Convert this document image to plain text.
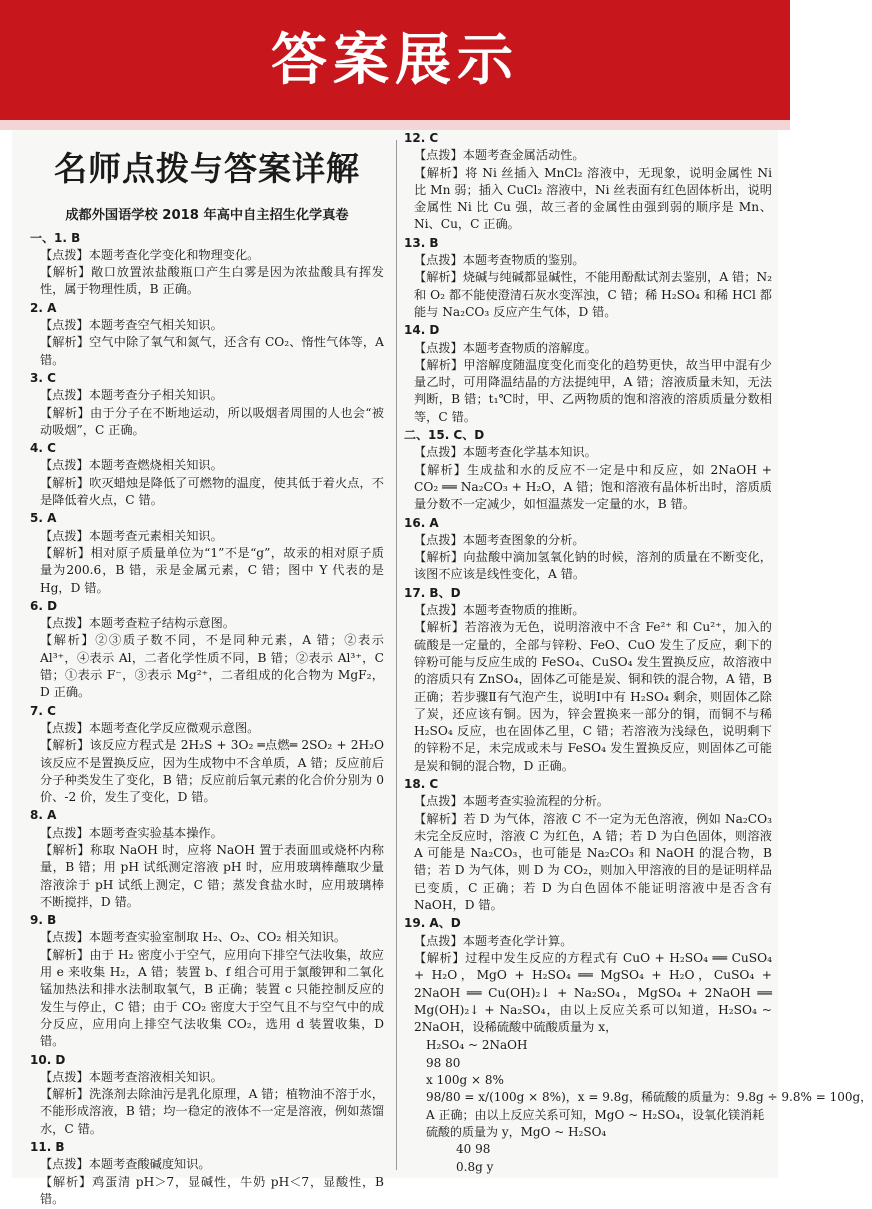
答案展示
名师点拨与答案详解
成都外国语学校 2018 年高中自主招生化学真卷
一、1. B
【点拨】本题考查化学变化和物理变化。
【解析】敞口放置浓盐酸瓶口产生白雾是因为浓盐酸具有挥发性，属于物理性质，B 正确。
2. A
【点拨】本题考查空气相关知识。
【解析】空气中除了氧气和氮气，还含有 CO₂、惰性气体等，A 错。
3. C
【点拨】本题考查分子相关知识。
【解析】由于分子在不断地运动，所以吸烟者周围的人也会“被动吸烟”，C 正确。
4. C
【点拨】本题考查燃烧相关知识。
【解析】吹灭蜡烛是降低了可燃物的温度，使其低于着火点，不是降低着火点，C 错。
5. A
【点拨】本题考查元素相关知识。
【解析】相对原子质量单位为“1”不是“g”，故汞的相对原子质量为200.6，B 错，汞是金属元素，C 错；图中 Y 代表的是 Hg，D 错。
6. D
【点拨】本题考查粒子结构示意图。
【解析】②③质子数不同，不是同种元素，A 错；②表示 Al³⁺，④表示 Al，二者化学性质不同，B 错；②表示 Al³⁺，C 错；①表示 F⁻，③表示 Mg²⁺，二者组成的化合物为 MgF₂，D 正确。
7. C
【点拨】本题考查化学反应微观示意图。
【解析】该反应方程式是 2H₂S + 3O₂ ═点燃═ 2SO₂ + 2H₂O 该反应不是置换反应，因为生成物中不含单质，A 错；反应前后分子种类发生了变化，B 错；反应前后氧元素的化合价分别为 0 价、-2 价，发生了变化，D 错。
8. A
【点拨】本题考查实验基本操作。
【解析】称取 NaOH 时，应将 NaOH 置于表面皿或烧杯内称量，B 错；用 pH 试纸测定溶液 pH 时，应用玻璃棒蘸取少量溶液涂于 pH 试纸上测定，C 错；蒸发食盐水时，应用玻璃棒不断搅拌，D 错。
9. B
【点拨】本题考查实验室制取 H₂、O₂、CO₂ 相关知识。
【解析】由于 H₂ 密度小于空气，应用向下排空气法收集，故应用 e 来收集 H₂，A 错；装置 b、f 组合可用于氯酸钾和二氧化锰加热法和排水法制取氧气，B 正确；装置 c 只能控制反应的发生与停止，C 错；由于 CO₂ 密度大于空气且不与空气中的成分反应，应用向上排空气法收集 CO₂，选用 d 装置收集，D 错。
10. D
【点拨】本题考查溶液相关知识。
【解析】洗涤剂去除油污是乳化原理，A 错；植物油不溶于水，不能形成溶液，B 错；均一稳定的液体不一定是溶液，例如蒸馏水，C 错。
11. B
【点拨】本题考查酸碱度知识。
【解析】鸡蛋清 pH＞7，显碱性，牛奶 pH＜7，显酸性，B 错。
12. C
【点拨】本题考查金属活动性。
【解析】将 Ni 丝插入 MnCl₂ 溶液中，无现象，说明金属性 Ni 比 Mn 弱；插入 CuCl₂ 溶液中，Ni 丝表面有红色固体析出，说明金属性 Ni 比 Cu 强，故三者的金属性由强到弱的顺序是 Mn、Ni、Cu，C 正确。
13. B
【点拨】本题考查物质的鉴别。
【解析】烧碱与纯碱都显碱性，不能用酚酞试剂去鉴别，A 错；N₂ 和 O₂ 都不能使澄清石灰水变浑浊，C 错；稀 H₂SO₄ 和稀 HCl 都能与 Na₂CO₃ 反应产生气体，D 错。
14. D
【点拨】本题考查物质的溶解度。
【解析】甲溶解度随温度变化而变化的趋势更快，故当甲中混有少量乙时，可用降温结晶的方法提纯甲，A 错；溶液质量未知，无法判断，B 错；t₁℃时，甲、乙两物质的饱和溶液的溶质质量分数相等，C 错。
二、15. C、D
【点拨】本题考查化学基本知识。
【解析】生成盐和水的反应不一定是中和反应，如 2NaOH + CO₂ ══ Na₂CO₃ + H₂O，A 错；饱和溶液有晶体析出时，溶质质量分数不一定减少，如恒温蒸发一定量的水，B 错。
16. A
【点拨】本题考查图象的分析。
【解析】向盐酸中滴加氢氧化钠的时候，溶剂的质量在不断变化，该图不应该是线性变化，A 错。
17. B、D
【点拨】本题考查物质的推断。
【解析】若溶液为无色，说明溶液中不含 Fe²⁺ 和 Cu²⁺，加入的硫酸是一定量的，全部与锌粉、FeO、CuO 发生了反应，剩下的锌粉可能与反应生成的 FeSO₄、CuSO₄ 发生置换反应，故溶液中的溶质只有 ZnSO₄，固体乙可能是炭、铜和铁的混合物，A 错，B 正确；若步骤Ⅱ有气泡产生，说明Ⅰ中有 H₂SO₄ 剩余，则固体乙除了炭，还应该有铜。因为，锌会置换来一部分的铜，而铜不与稀 H₂SO₄ 反应，也在固体乙里，C 错；若溶液为浅绿色，说明剩下的锌粉不足，未完成或未与 FeSO₄ 发生置换反应，则固体乙可能是炭和铜的混合物，D 正确。
18. C
【点拨】本题考查实验流程的分析。
【解析】若 D 为气体，溶液 C 不一定为无色溶液，例如 Na₂CO₃ 未完全反应时，溶液 C 为红色，A 错；若 D 为白色固体，则溶液 A 可能是 Na₂CO₃，也可能是 Na₂CO₃ 和 NaOH 的混合物，B 错；若 D 为气体，则 D 为 CO₂，则加入甲溶液的目的是证明样品已变质，C 正确；若 D 为白色固体不能证明溶液中是否含有 NaOH，D 错。
19. A、D
【点拨】本题考查化学计算。
【解析】过程中发生反应的方程式有 CuO + H₂SO₄ ══ CuSO₄ + H₂O，MgO + H₂SO₄ ══ MgSO₄ + H₂O，CuSO₄ + 2NaOH ══ Cu(OH)₂↓ + Na₂SO₄，MgSO₄ + 2NaOH ══ Mg(OH)₂↓ + Na₂SO₄，由以上反应关系可以知道，H₂SO₄ ~ 2NaOH，设稀硫酸中硫酸质量为 x，
H₂SO₄ ~ 2NaOH
98 80
x 100g × 8%
98/80 = x/(100g × 8%)，x = 9.8g，稀硫酸的质量为：9.8g ÷ 9.8% = 100g，
A 正确；由以上反应关系可知，MgO ~ H₂SO₄，设氧化镁消耗硫酸的质量为 y，MgO ~ H₂SO₄
40 98
0.8g y
